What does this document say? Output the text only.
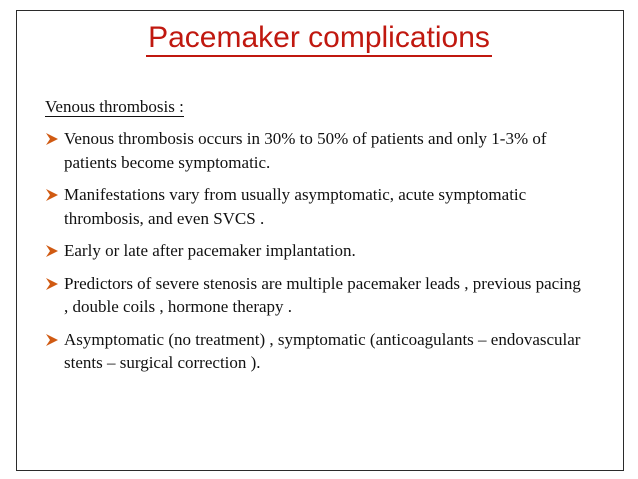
Pacemaker complications
Venous thrombosis :
Venous thrombosis occurs in 30% to 50% of patients and only 1-3% of patients become symptomatic.
Manifestations vary from usually asymptomatic, acute symptomatic thrombosis, and even SVCS .
Early or late after pacemaker implantation.
Predictors of severe stenosis are multiple pacemaker leads , previous pacing , double coils , hormone therapy .
Asymptomatic (no treatment) , symptomatic (anticoagulants – endovascular stents – surgical correction ).
